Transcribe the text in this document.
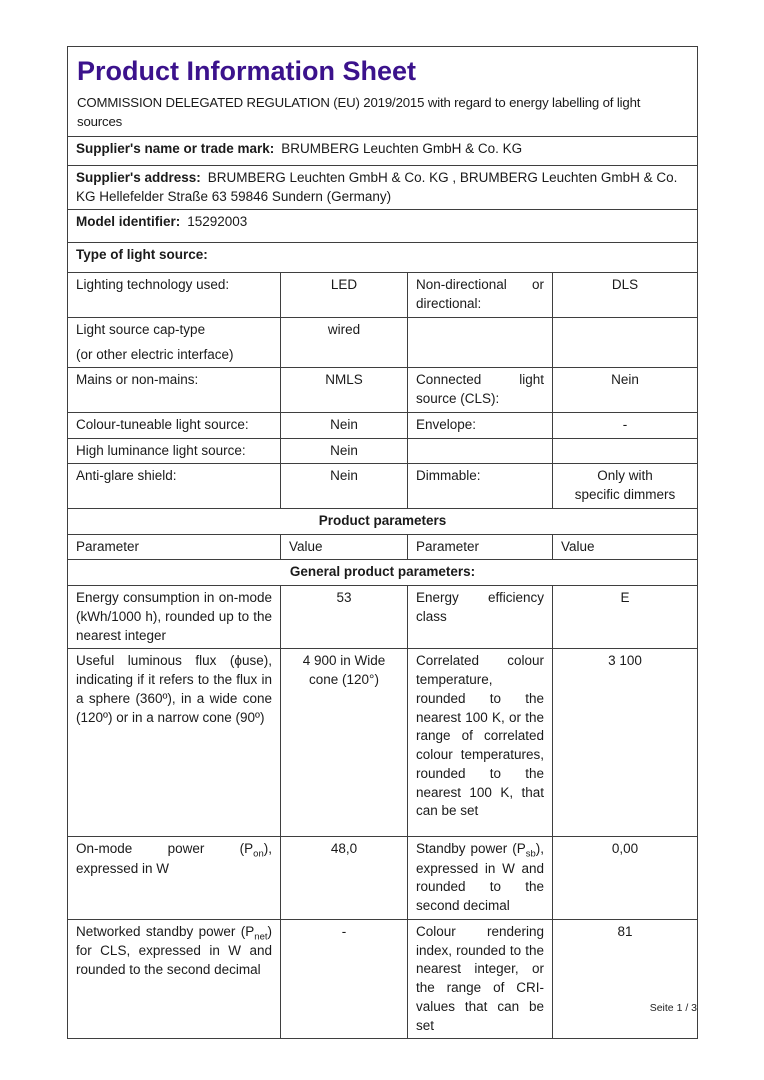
Product Information Sheet
COMMISSION DELEGATED REGULATION (EU) 2019/2015 with regard to energy labelling of light sources			

Supplier's name or trade mark: BRUMBERG Leuchten GmbH & Co. KG			
Supplier's address: BRUMBERG Leuchten GmbH & Co. KG , BRUMBERG Leuchten GmbH & Co. KG Hellefelder Straße 63 59846 Sundern (Germany)			
Model identifier: 15292003			
Type of light source:			
Lighting technology used:	LED	Non-directional or directional:	DLS

Light source cap-type
(or other electric interface)	wired		
Mains or non-mains:	NMLS	Connected light source (CLS):	Nein
Colour-tuneable light source:	Nein	Envelope:	-
High luminance light source:	Nein		
Anti-glare shield:	Nein	Dimmable:	Only with
specific dimmers

Product parameters			
Parameter	Value	Parameter	Value
General product parameters:			
Energy consumption in on-mode (kWh/1000 h), rounded up to the nearest integer	53	Energy efficiency class	E
Useful luminous flux (ϕuse), indicating if it refers to the flux in a sphere (360º), in a wide cone (120º) or in a narrow cone (90º)	4 900 in Wide
cone (120°)	Correlated colour temperature, rounded to the nearest 100 K, or the range of correlated colour temperatures, rounded to the nearest 100 K, that can be set	3 100
On-mode power $(P_{on})$, expressed in W	48,0	Standby power $(P_{sb})$, expressed in W and rounded to the second decimal	0,00
Networked standby power $(P_{net})$ for CLS, expressed in W and rounded to the second decimal	-	Colour rendering index, rounded to the nearest integer, or the range of CRI-values that can be set	81
Seite 1 / 3
